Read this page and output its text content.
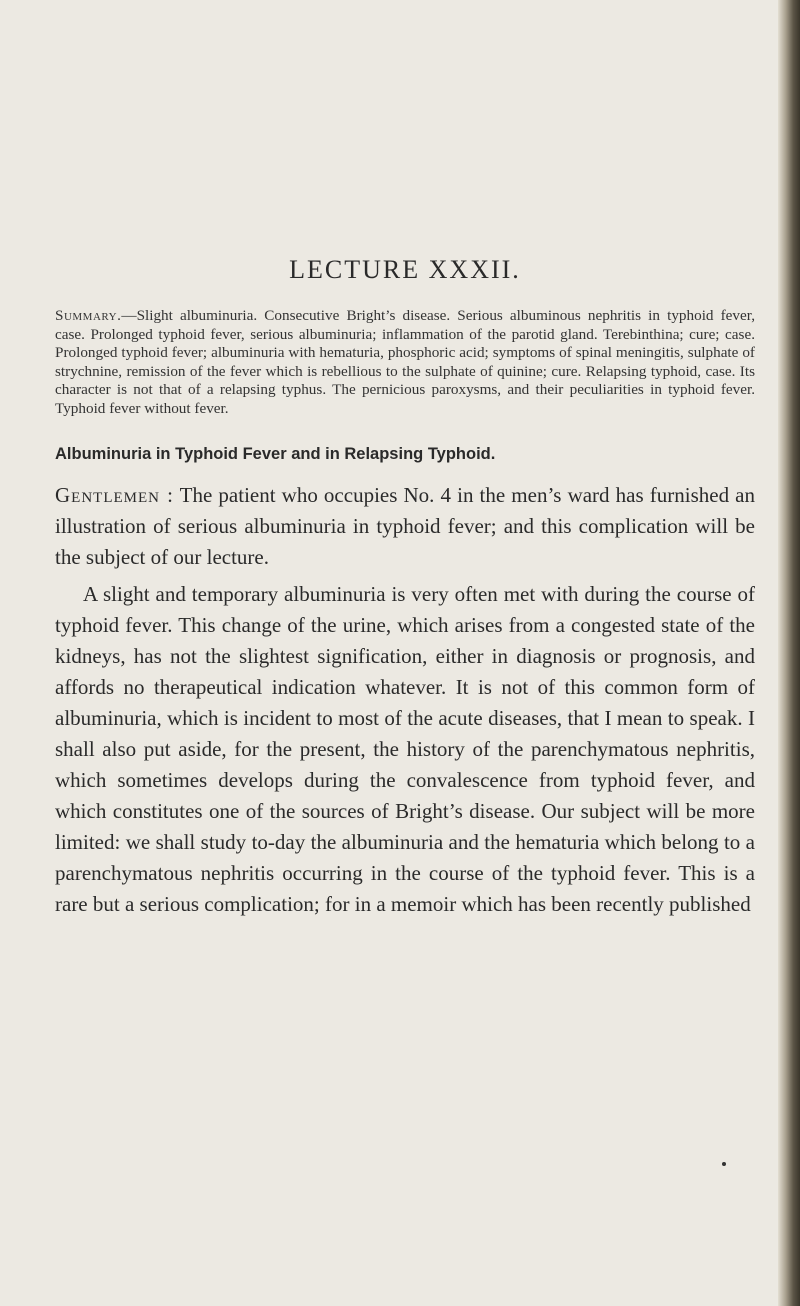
LECTURE XXXII.

Summary.—Slight albuminuria. Consecutive Bright’s disease. Serious albuminous nephritis in typhoid fever, case. Prolonged typhoid fever, serious albuminuria; inflammation of the parotid gland. Terebinthina; cure; case. Prolonged typhoid fever; albuminuria with hematuria, phosphoric acid; symptoms of spinal meningitis, sulphate of strychnine, remission of the fever which is rebellious to the sulphate of quinine; cure. Relapsing typhoid, case. Its character is not that of a relapsing typhus. The pernicious paroxysms, and their peculiarities in typhoid fever. Typhoid fever without fever.

Albuminuria in Typhoid Fever and in Relapsing Typhoid.

Gentlemen : The patient who occupies No. 4 in the men’s ward has furnished an illustration of serious albuminuria in typhoid fever; and this complication will be the subject of our lecture.

A slight and temporary albuminuria is very often met with during the course of typhoid fever. This change of the urine, which arises from a congested state of the kidneys, has not the slightest signification, either in diagnosis or prognosis, and affords no therapeutical indication whatever. It is not of this common form of albuminuria, which is incident to most of the acute diseases, that I mean to speak. I shall also put aside, for the present, the history of the parenchymatous nephritis, which sometimes develops during the convalescence from typhoid fever, and which constitutes one of the sources of Bright’s disease. Our subject will be more limited: we shall study to-day the albuminuria and the hematuria which belong to a parenchymatous nephritis occurring in the course of the typhoid fever. This is a rare but a serious complication; for in a memoir which has been recently published
